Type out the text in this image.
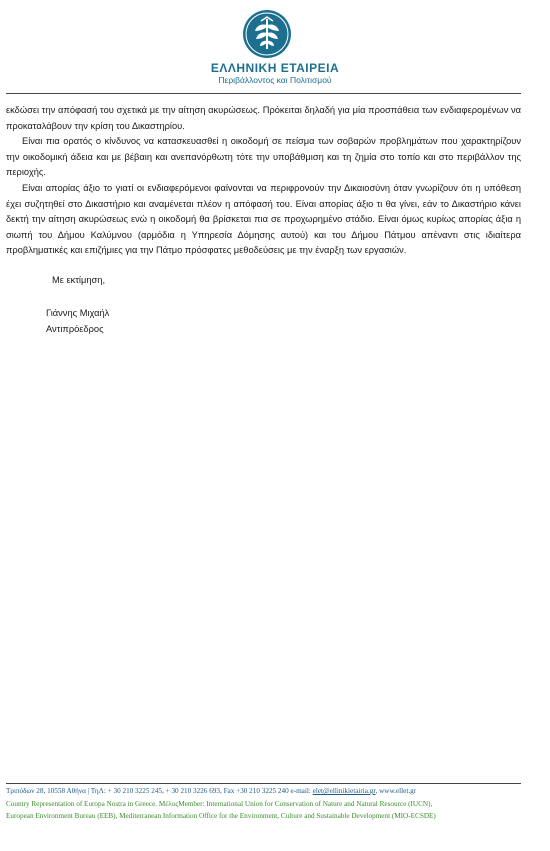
ΕΛΛΗΝΙΚΗ ΕΤΑΙΡΕΙΑ
Περιβάλλοντος και Πολιτισμού

εκδώσει την απόφασή του σχετικά με την αίτηση ακυρώσεως. Πρόκειται δηλαδή για μία προσπάθεια των ενδιαφερομένων να προκαταλάβουν την κρίση του Δικαστηρίου.

Είναι πια ορατός ο κίνδυνος να κατασκευασθεί η οικοδομή σε πείσμα των σοβαρών προβλημάτων που χαρακτηρίζουν την οικοδομική άδεια και με βέβαιη και ανεπανόρθωτη τότε την υποβάθμιση και τη ζημία στο τοπίο και στο περιβάλλον της περιοχής.

Είναι απορίας άξιο το γιατί οι ενδιαφερόμενοι φαίνονται να περιφρονούν την Δικαιοσύνη όταν γνωρίζουν ότι η υπόθεση έχει συζητηθεί στο Δικαστήριο και αναμένεται πλέον η απόφασή του. Είναι απορίας άξιο τι θα γίνει, εάν το Δικαστήριο κάνει δεκτή την αίτηση ακυρώσεως ενώ η οικοδομή θα βρίσκεται πια σε προχωρημένο στάδιο. Είναι όμως κυρίως απορίας άξια η σιωπή του Δήμου Καλύμνου (αρμόδια η Υπηρεσία Δόμησης αυτού) και του Δήμου Πάτμου απέναντι στις ιδιαίτερα προβληματικές και επιζήμιες για την Πάτμο πρόσφατες μεθοδεύσεις με την έναρξη των εργασιών.

Με εκτίμηση,
Γιάννης Μιχαήλ
Αντιπρόεδρος
Τριπόδων 28, 10558 Αθήνα | ΤηΛ: + 30 210 3225 245, + 30 210 3226 693, Fax +30 210 3225 240 e-mail: elet@ellinikietairia.gr, www.ellet.gr
Country Representation of Europa Nostra in Greece. ΜέλοςMember: International Union for Conservation of Nature and Natural Resource (IUCN),
European Environment Bureau (EEB), Mediterranean Information Office for the Environment, Culture and Sustainable Development (MIO-ECSDE)
